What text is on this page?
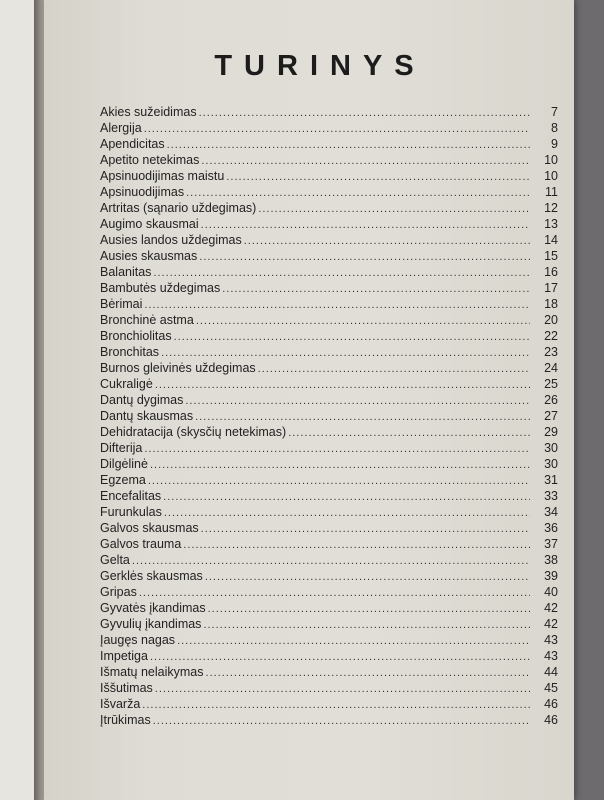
TURINYS
Akies sužeidimas .....	7
Alergija .....	8
Apendicitas .....	9
Apetito netekimas .....	10
Apsinuodijimas maistu .....	10
Apsinuodijimas .....	11
Artritas (sąnario uždegimas) .....	12
Augimo skausmai .....	13
Ausies landos uždegimas .....	14
Ausies skausmas .....	15
Balanitas .....	16
Bambutės uždegimas .....	17
Bėrimai .....	18
Bronchinė astma .....	20
Bronchiolitas .....	22
Bronchitas .....	23
Burnos gleivinės uždegimas .....	24
Cukraligė .....	25
Dantų dygimas .....	26
Dantų skausmas .....	27
Dehidratacija (skysčių netekimas) .....	29
Difterija .....	30
Dilgėlinė .....	30
Egzema .....	31
Encefalitas .....	33
Furunkulas .....	34
Galvos skausmas .....	36
Galvos trauma .....	37
Gelta .....	38
Gerklės skausmas .....	39
Gripas .....	40
Gyvatės įkandimas .....	42
Gyvulių įkandimas .....	42
Įaugęs nagas .....	43
Impetiga .....	43
Išmatų nelaikymas .....	44
Iššutimas .....	45
Išvarža .....	46
Įtrūkimas .....	46
